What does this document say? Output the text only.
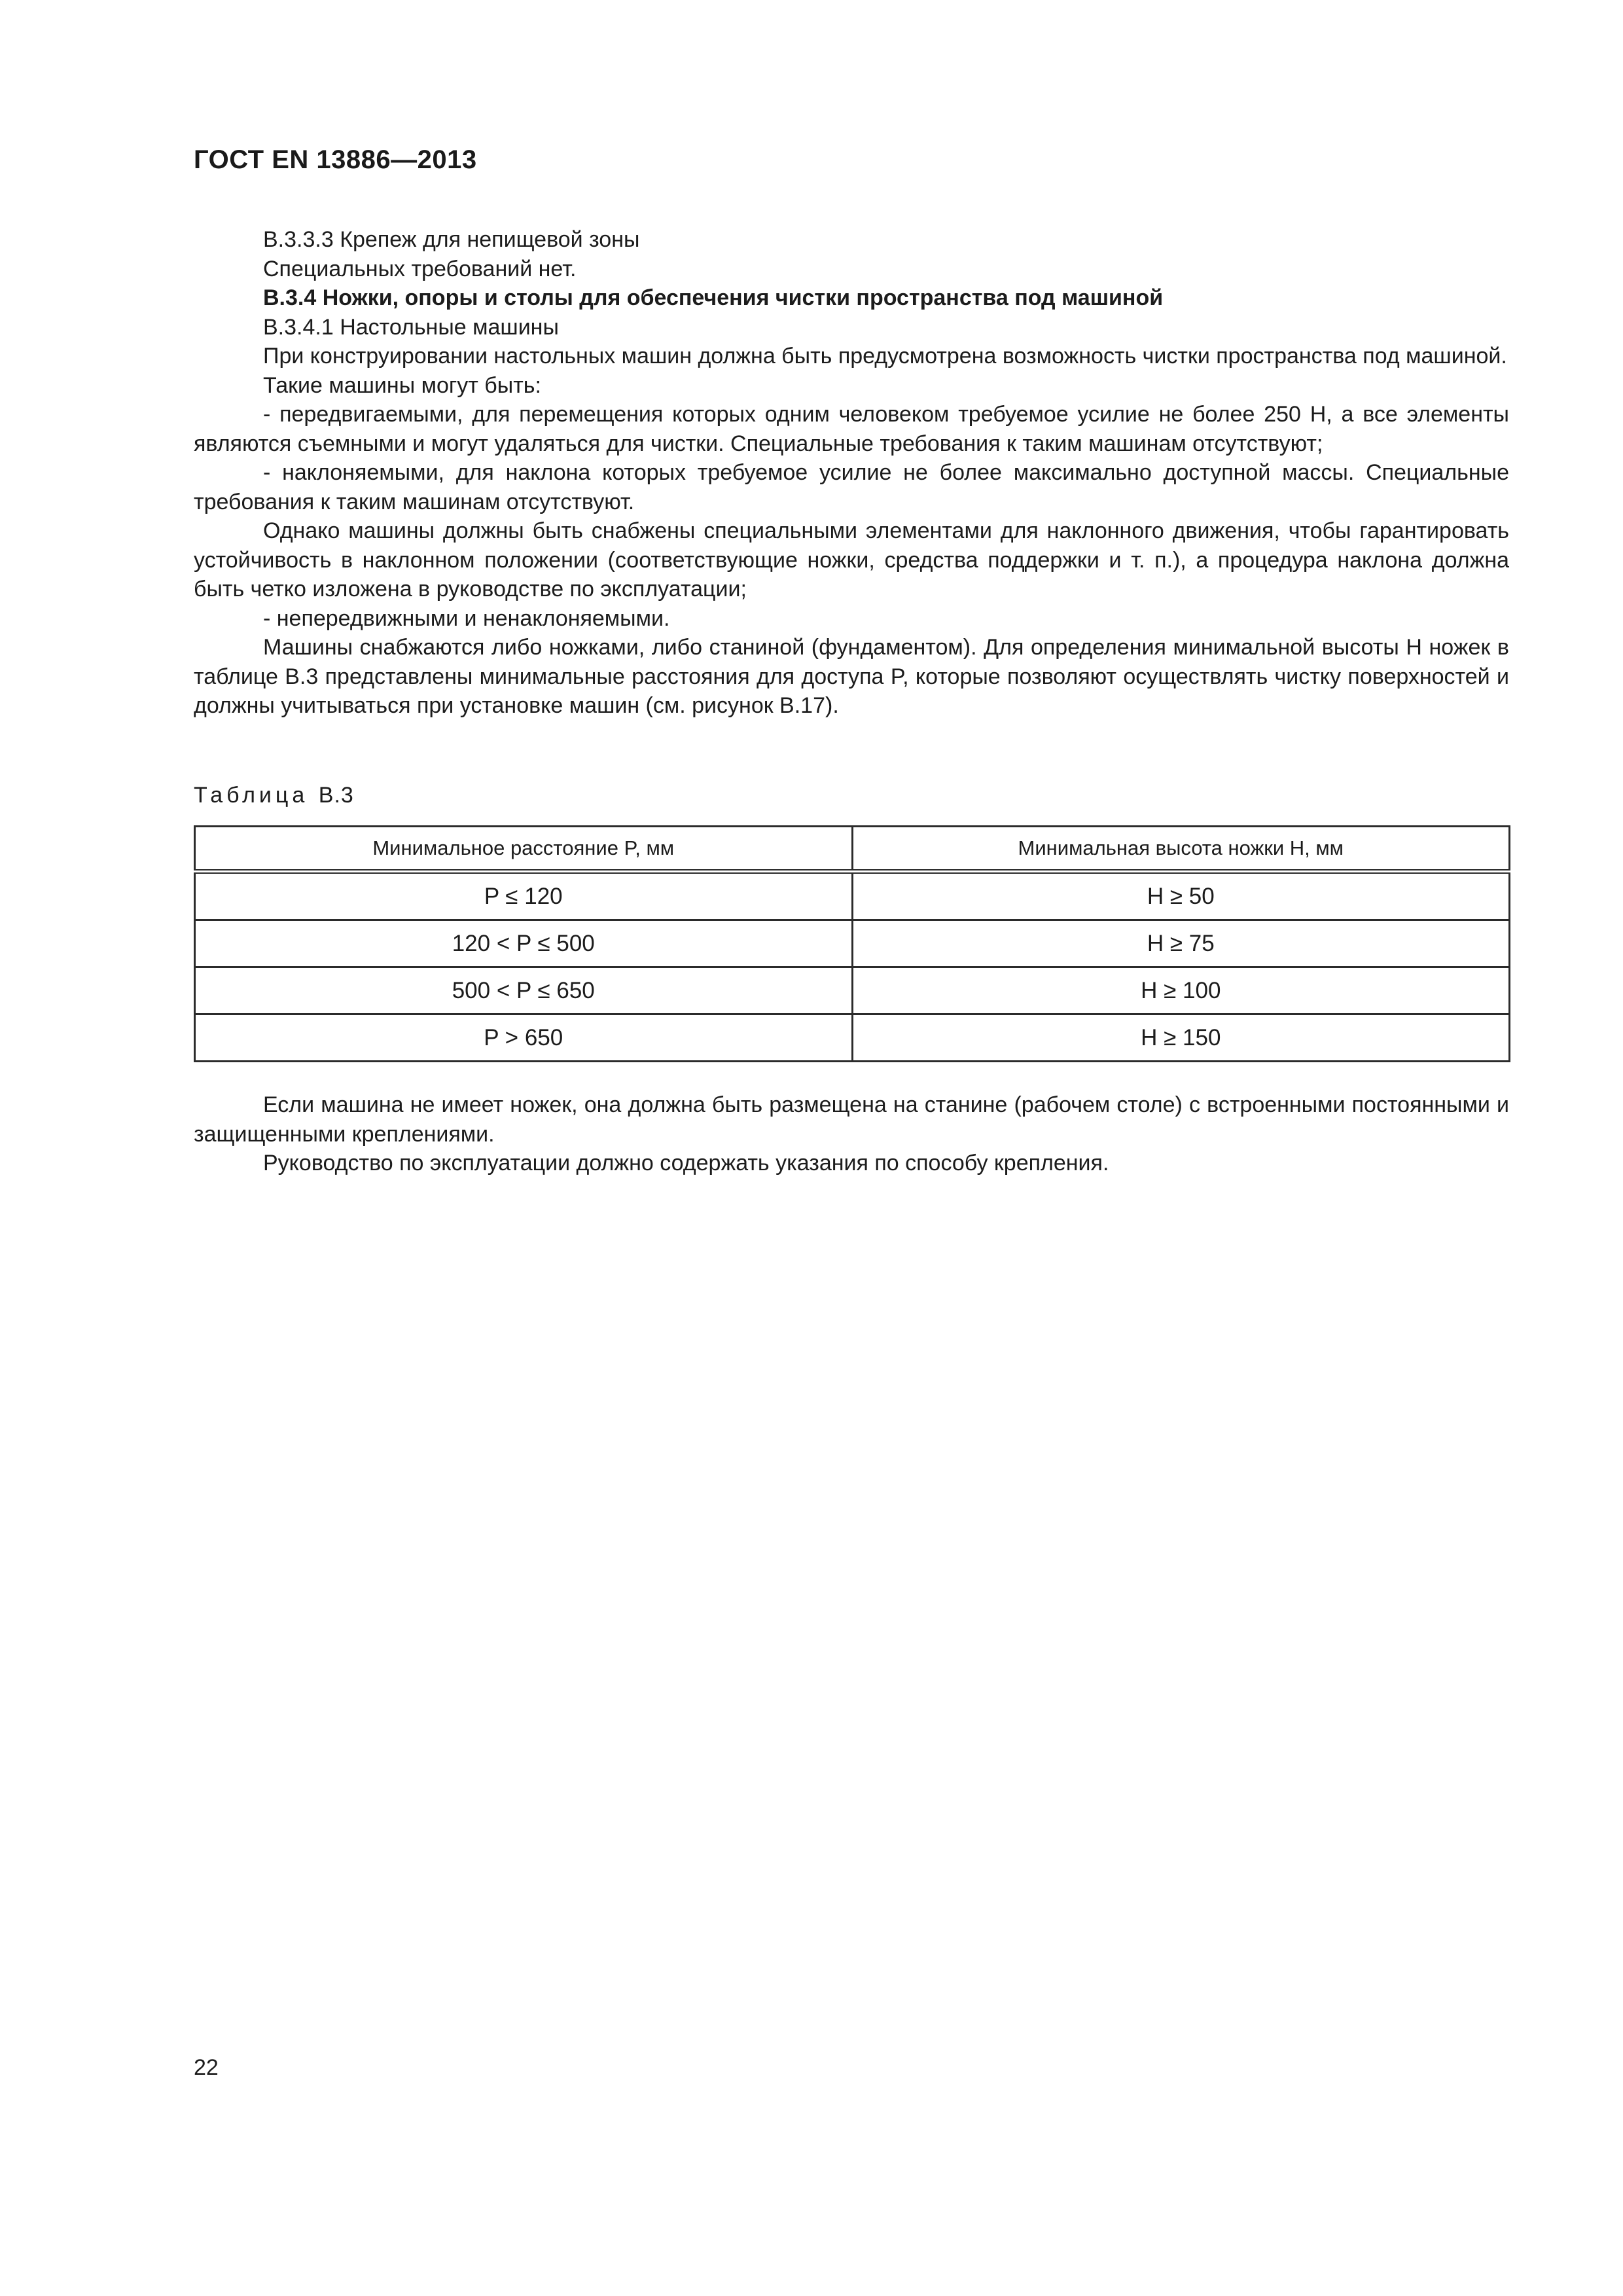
ГОСТ EN 13886—2013

В.3.3.3 Крепеж для непищевой зоны

Специальных требований нет.

В.3.4 Ножки, опоры и столы для обеспечения чистки пространства под машиной

В.3.4.1 Настольные машины

При конструировании настольных машин должна быть предусмотрена возможность чистки пространства под машиной.

Такие машины могут быть:

- передвигаемыми, для перемещения которых одним человеком требуемое усилие не более 250 Н, а все элементы являются съемными и могут удаляться для чистки. Специальные требования к таким машинам отсутствуют;

- наклоняемыми, для наклона которых требуемое усилие не более максимально доступной массы. Специальные требования к таким машинам отсутствуют.

Однако машины должны быть снабжены специальными элементами для наклонного движения, чтобы гарантировать устойчивость в наклонном положении (соответствующие ножки, средства поддержки и т. п.), а процедура наклона должна быть четко изложена в руководстве по эксплуатации;

- непередвижными и ненаклоняемыми.

Машины снабжаются либо ножками, либо станиной (фундаментом). Для определения минимальной высоты H ножек в таблице В.3 представлены минимальные расстояния для доступа P, которые позволяют осуществлять чистку поверхностей и должны учитываться при установке машин (см. рисунок В.17).

Таблица В.3
Минимальное расстояние P, мм	Минимальная высота ножки H, мм
P ≤ 120	H ≥ 50
120 < P ≤ 500	H ≥ 75
500 < P ≤ 650	H ≥ 100
P > 650	H ≥ 150

Если машина не имеет ножек, она должна быть размещена на станине (рабочем столе) с встроенными постоянными и защищенными креплениями.

Руководство по эксплуатации должно содержать указания по способу крепления.

22
